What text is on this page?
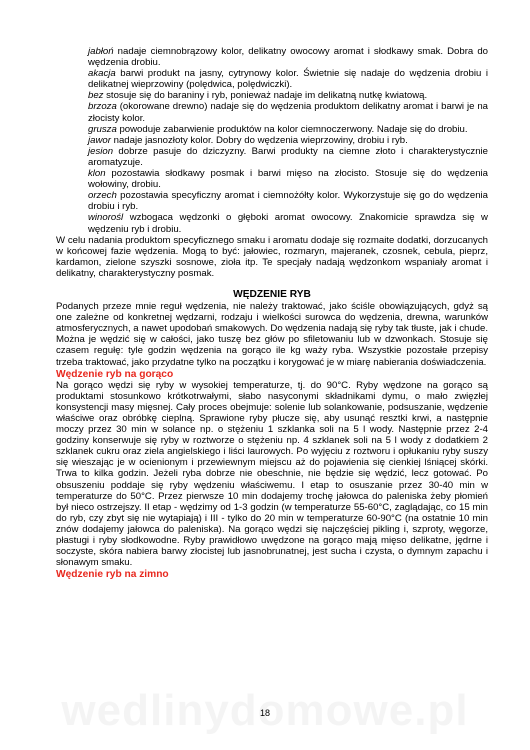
jabłoń nadaje ciemnobrązowy kolor, delikatny owocowy aromat i słodkawy smak. Dobra do wędzenia drobiu.

akacja barwi produkt na jasny, cytrynowy kolor. Świetnie się nadaje do wędzenia drobiu i delikatnej wieprzowiny (polędwica, polędwiczki).

bez stosuje się do baraniny i ryb, ponieważ nadaje im delikatną nutkę kwiatową.

brzoza (okorowane drewno) nadaje się do wędzenia produktom delikatny aromat i barwi je na złocisty kolor.

grusza powoduje zabarwienie produktów na kolor ciemnoczerwony. Nadaje się do drobiu.

jawor nadaje jasnozłoty kolor. Dobry do wędzenia wieprzowiny, drobiu i ryb.

jesion dobrze pasuje do dziczyzny. Barwi produkty na ciemne złoto i charakterystycznie aromatyzuje.

klon pozostawia słodkawy posmak i barwi mięso na złocisto. Stosuje się do wędzenia wołowiny, drobiu.

orzech pozostawia specyficzny aromat i ciemnożółty kolor. Wykorzystuje się go do wędzenia drobiu i ryb.

winorośl wzbogaca wędzonki o głęboki aromat owocowy. Znakomicie sprawdza się w wędzeniu ryb i drobiu.

W celu nadania produktom specyficznego smaku i aromatu dodaje się rozmaite dodatki, dorzucanych w końcowej fazie wędzenia. Mogą to być: jałowiec, rozmaryn, majeranek, czosnek, cebula, pieprz, kardamon, zielone szyszki sosnowe, zioła itp. Te specjały nadają wędzonkom wspaniały aromat i delikatny, charakterystyczny posmak.

WĘDZENIE RYB

Podanych przeze mnie reguł wędzenia, nie należy traktować, jako ściśle obowiązujących, gdyż są one zależne od konkretnej wędzarni, rodzaju i wielkości surowca do wędzenia, drewna, warunków atmosferycznych, a nawet upodobań smakowych. Do wędzenia nadają się ryby tak tłuste, jak i chude. Można je wędzić się w całości, jako tuszę bez głów po sfiletowaniu lub w dzwonkach. Stosuje się czasem regułę: tyle godzin wędzenia na gorąco ile kg waży ryba. Wszystkie pozostałe przepisy trzeba traktować, jako przydatne tylko na początku i korygować je w miarę nabierania doświadczenia.

Wędzenie ryb na gorąco

Na gorąco wędzi się ryby w wysokiej temperaturze, tj. do 90°C. Ryby wędzone na gorąco są produktami stosunkowo krótkotrwałymi, słabo nasyconymi składnikami dymu, o mało zwięzłej konsystencji masy mięsnej. Cały proces obejmuje: solenie lub solankowanie, podsuszanie, wędzenie właściwe oraz obróbkę cieplną. Sprawione ryby płucze się, aby usunąć resztki krwi, a następnie moczy przez 30 min w solance np. o stężeniu 1 szklanka soli na 5 l wody. Następnie przez 2-4 godziny konserwuje się ryby w roztworze o stężeniu np. 4 szklanek soli na 5 l wody z dodatkiem 2 szklanek cukru oraz ziela angielskiego i liści laurowych. Po wyjęciu z roztworu i opłukaniu ryby suszy się wieszając je w ocienionym i przewiewnym miejscu aż do pojawienia się cienkiej lśniącej skórki. Trwa to kilka godzin. Jeżeli ryba dobrze nie obeschnie, nie będzie się wędzić, lecz gotować. Po obsuszeniu poddaje się ryby wędzeniu właściwemu. I etap to osuszanie przez 30-40 min w temperaturze do 50°C. Przez pierwsze 10 min dodajemy trochę jałowca do paleniska żeby płomień był nieco ostrzejszy. II etap - wędzimy od 1-3 godzin (w temperaturze 55-60°C, zaglądając, co 15 min do ryb, czy zbyt się nie wytapiają) i III - tylko do 20 min w temperaturze 60-90°C (na ostatnie 10 min znów dodajemy jałowca do paleniska). Na gorąco wędzi się najczęściej pikling i, szproty, węgorze, płastugi i ryby słodkowodne. Ryby prawidłowo uwędzone na gorąco mają mięso delikatne, jędrne i soczyste, skóra nabiera barwy złocistej lub jasnobrunatnej, jest sucha i czysta, o dymnym zapachu i słonawym smaku.

Wędzenie ryb na zimno
18
